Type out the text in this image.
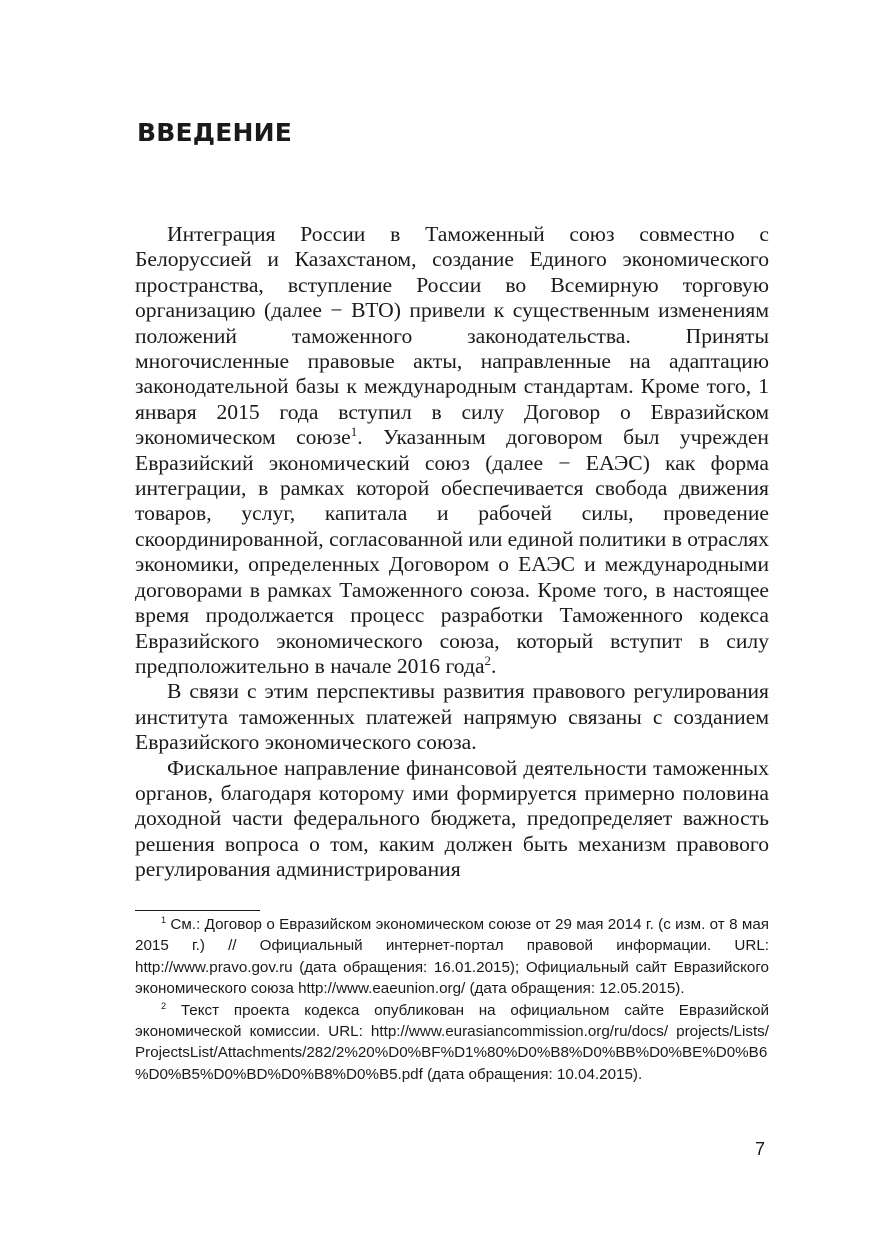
ВВЕДЕНИЕ

Интеграция России в Таможенный союз совместно с Белоруссией и Казахстаном, создание Единого экономического пространства, вступление России во Всемирную торговую организацию (далее − ВТО) привели к существенным изменениям положений таможенного законодательства. Приняты многочисленные правовые акты, направленные на адаптацию законодательной базы к международным стандартам. Кроме того, 1 января 2015 года вступил в силу Договор о Евразийском экономическом союзе$^1$. Указанным договором был учрежден Евразийский экономический союз (далее − ЕАЭС) как форма интеграции, в рамках которой обеспечивается свобода движения товаров, услуг, капитала и рабочей силы, проведение скоординированной, согласованной или единой политики в отраслях экономики, определенных Договором о ЕАЭС и международными договорами в рамках Таможенного союза. Кроме того, в настоящее время продолжается процесс разработки Таможенного кодекса Евразийского экономического союза, который вступит в силу предположительно в начале 2016 года$^2$.

В связи с этим перспективы развития правового регулирования института таможенных платежей напрямую связаны с созданием Евразийского экономического союза.

Фискальное направление финансовой деятельности таможенных органов, благодаря которому ими формируется примерно половина доходной части федерального бюджета, предопределяет важность решения вопроса о том, каким должен быть механизм правового регулирования администрирования

$^1$ См.: Договор о Евразийском экономическом союзе от 29 мая 2014 г. (с изм. от 8 мая 2015 г.) // Официальный интернет-портал правовой информации. URL: http://www.pravo.gov.ru (дата обращения: 16.01.2015); Официальный сайт Евразийского экономического союза http://www.eaeunion.org/ (дата обращения: 12.05.2015).

$^2$ Текст проекта кодекса опубликован на официальном сайте Евразийской экономической комиссии. URL: http://www.eurasiancommission.org/ru/docs/ projects/Lists/ ProjectsList/Attachments/282/2%20%D0%BF%D1%80%D0%B8%D0%BB%D0%BE%D0%B6%D0%B5%D0%BD%D0%B8%D0%B5.pdf (дата обращения: 10.04.2015).

7
